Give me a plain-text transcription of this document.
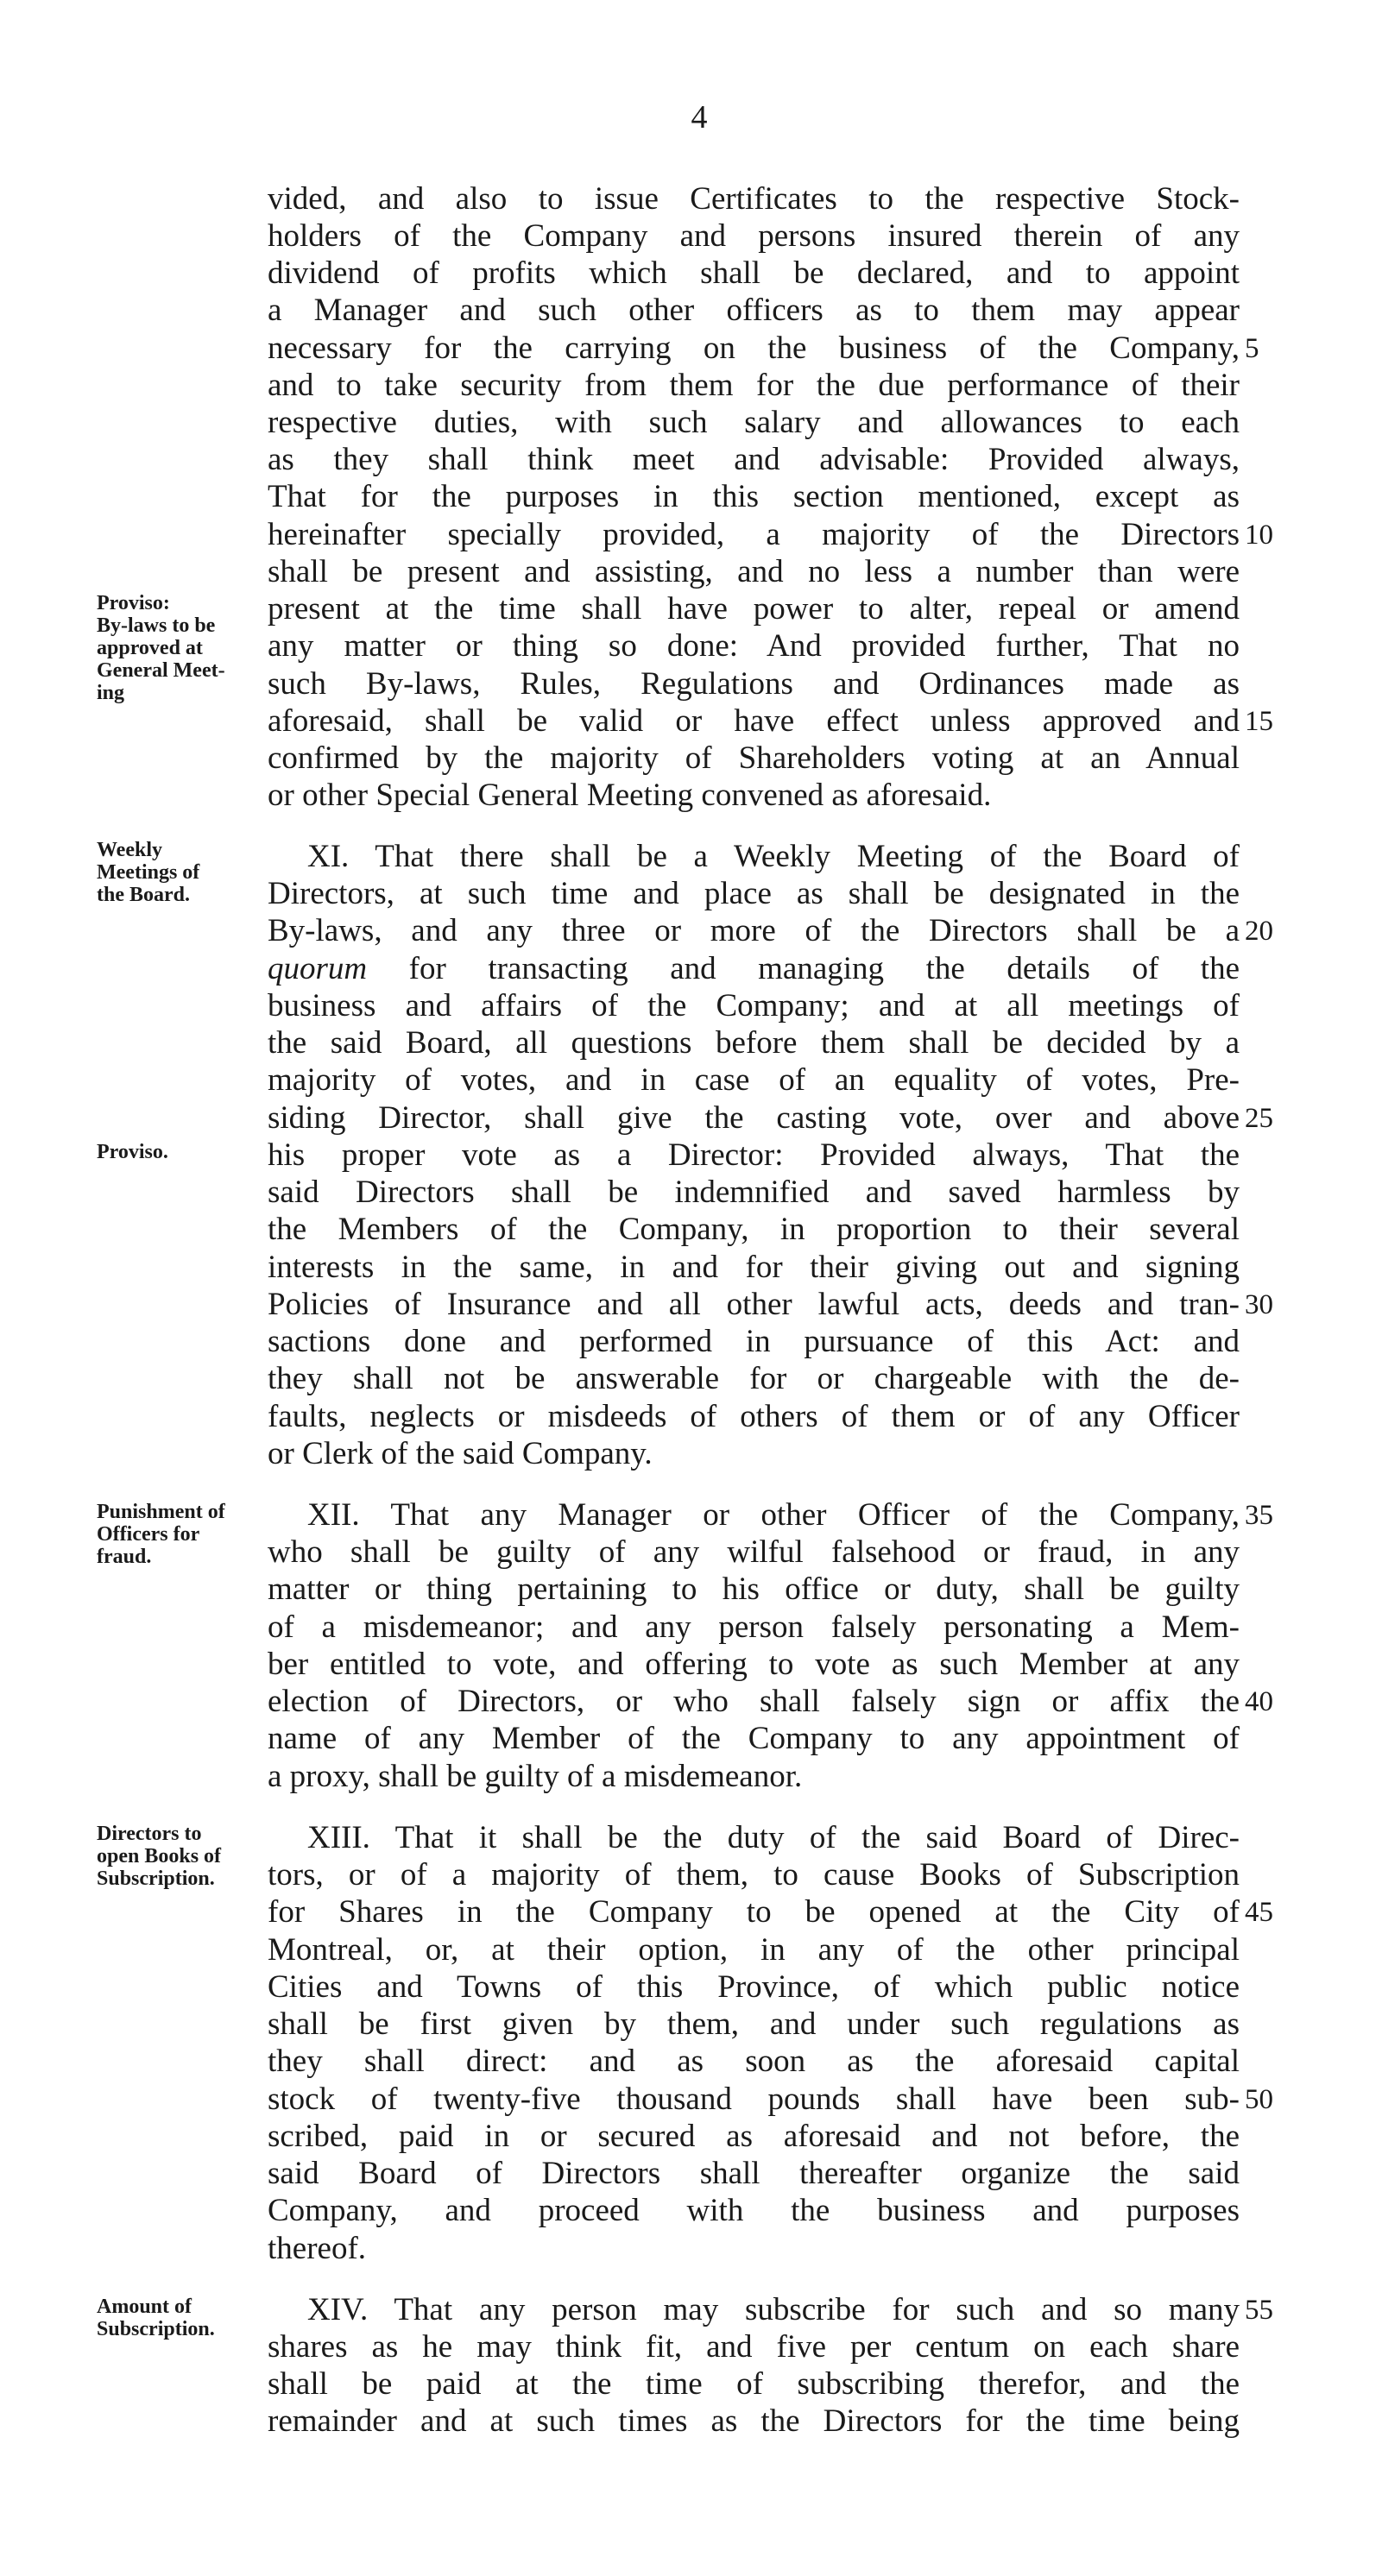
4
vided, and also to issue Certificates to the respective Stock-
holders of the Company and persons insured therein of any
dividend of profits which shall be declared, and to appoint
a Manager and such other officers as to them may appear
necessary for the carrying on the business of the Company,
and to take security from them for the due performance of their
respective duties, with such salary and allowances to each
as they shall think meet and advisable: Provided always,
That for the purposes in this section mentioned, except as
hereinafter specially provided, a majority of the Directors
shall be present and assisting, and no less a number than were
present at the time shall have power to alter, repeal or amend
any matter or thing so done: And provided further, That no
such By-laws, Rules, Regulations and Ordinances made as
aforesaid, shall be valid or have effect unless approved and
confirmed by the majority of Shareholders voting at an Annual
or other Special General Meeting convened as aforesaid.
XI. That there shall be a Weekly Meeting of the Board of
Directors, at such time and place as shall be designated in the
By-laws, and any three or more of the Directors shall be a
quorum for transacting and managing the details of the
business and affairs of the Company; and at all meetings of
the said Board, all questions before them shall be decided by a
majority of votes, and in case of an equality of votes, Pre-
siding Director, shall give the casting vote, over and above
his proper vote as a Director: Provided always, That the
said Directors shall be indemnified and saved harmless by
the Members of the Company, in proportion to their several
interests in the same, in and for their giving out and signing
Policies of Insurance and all other lawful acts, deeds and tran-
sactions done and performed in pursuance of this Act: and
they shall not be answerable for or chargeable with the de-
faults, neglects or misdeeds of others of them or of any Officer
or Clerk of the said Company.
XII. That any Manager or other Officer of the Company,
who shall be guilty of any wilful falsehood or fraud, in any
matter or thing pertaining to his office or duty, shall be guilty
of a misdemeanor; and any person falsely personating a Mem-
ber entitled to vote, and offering to vote as such Member at any
election of Directors, or who shall falsely sign or affix the
name of any Member of the Company to any appointment of
a proxy, shall be guilty of a misdemeanor.
XIII. That it shall be the duty of the said Board of Direc-
tors, or of a majority of them, to cause Books of Subscription
for Shares in the Company to be opened at the City of
Montreal, or, at their option, in any of the other principal
Cities and Towns of this Province, of which public notice
shall be first given by them, and under such regulations as
they shall direct: and as soon as the aforesaid capital
stock of twenty-five thousand pounds shall have been sub-
scribed, paid in or secured as aforesaid and not before, the
said Board of Directors shall thereafter organize the said
Company, and proceed with the business and purposes
thereof.
XIV. That any person may subscribe for such and so many
shares as he may think fit, and five per centum on each share
shall be paid at the time of subscribing therefor, and the
remainder and at such times as the Directors for the time being
5
10
15
20
25
30
35
40
45
50
55
Proviso:
By-laws to be
approved at
General Meet-
ing
Weekly
Meetings of
the Board.
Proviso.
Punishment of
Officers for
fraud.
Directors to
open Books of
Subscription.
Amount of
Subscription.
